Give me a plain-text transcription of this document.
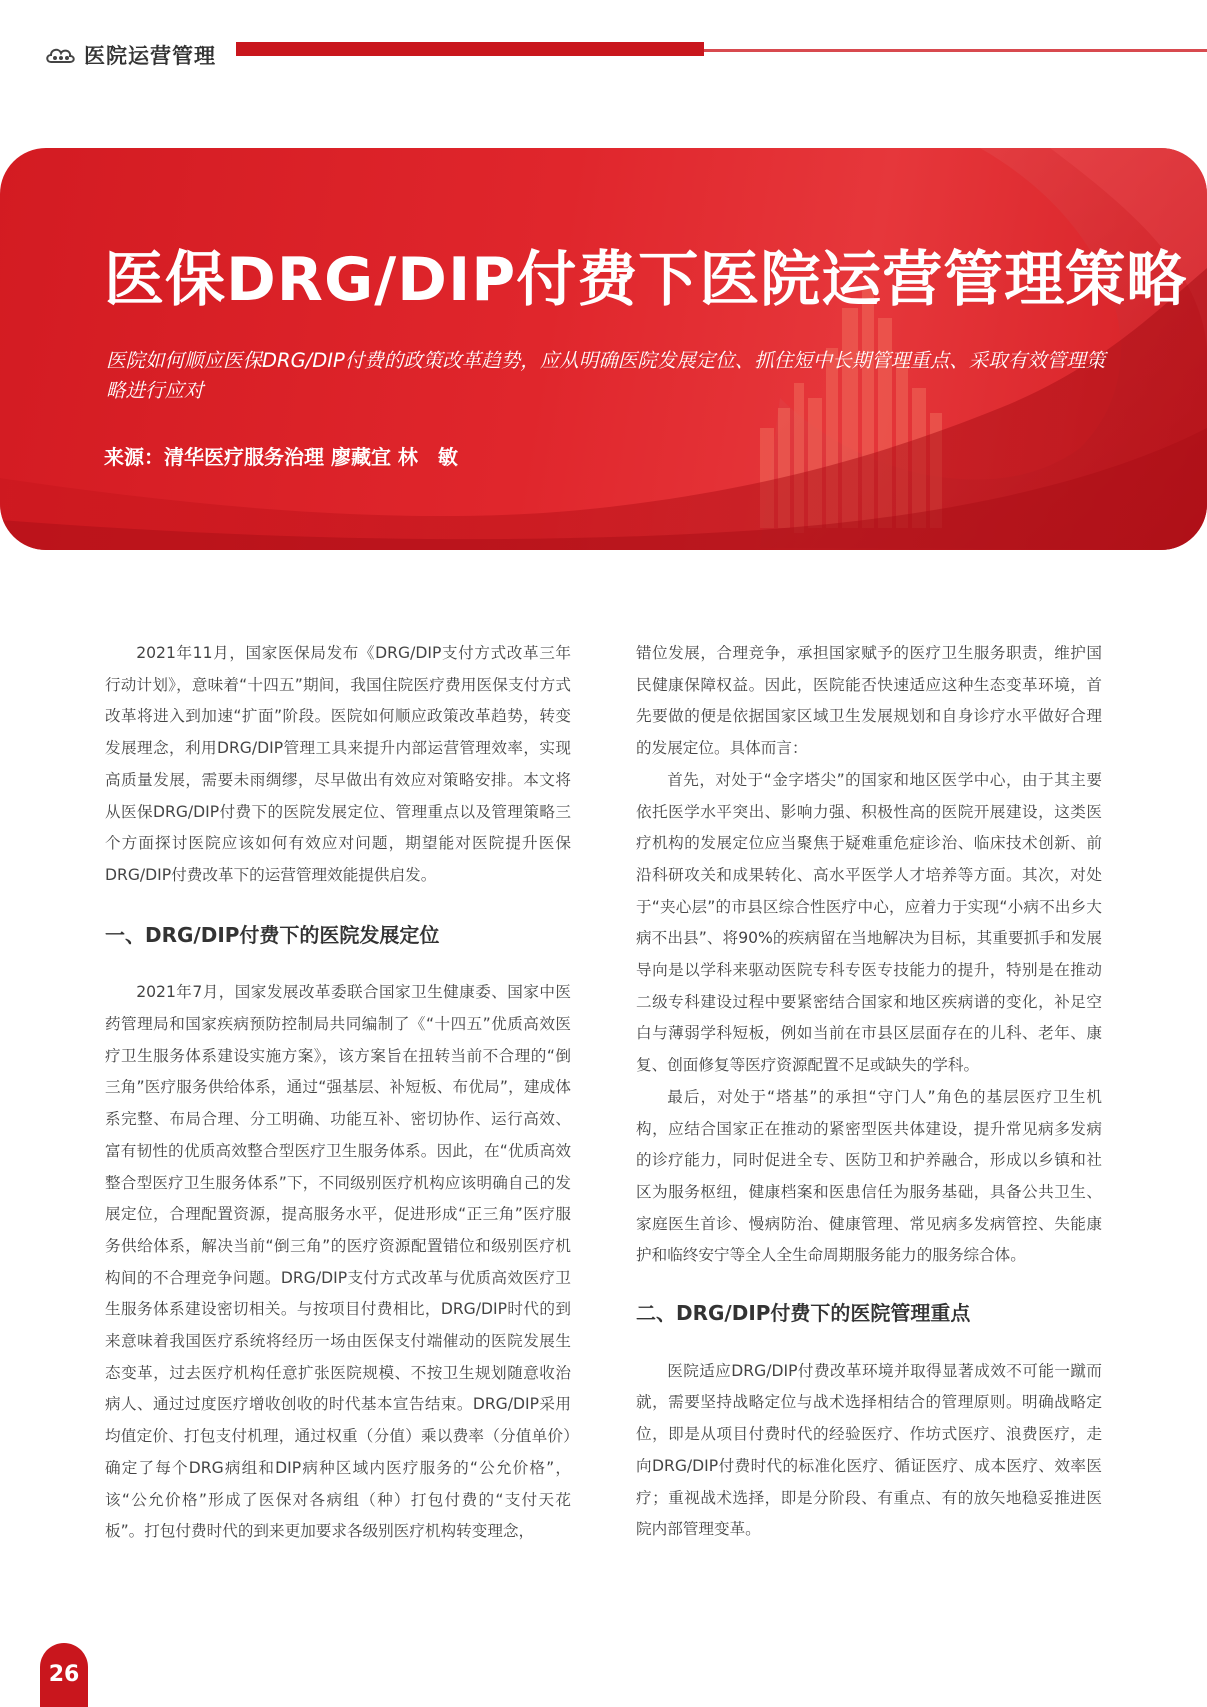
医院运营管理
医保DRG/DIP付费下医院运营管理策略
医院如何顺应医保DRG/DIP付费的政策改革趋势，应从明确医院发展定位、抓住短中长期管理重点、采取有效管理策略进行应对
来源：清华医疗服务治理 廖藏宜 林　敏

2021年11月，国家医保局发布《DRG/DIP支付方式改革三年行动计划》，意味着“十四五”期间，我国住院医疗费用医保支付方式改革将进入到加速“扩面”阶段。医院如何顺应政策改革趋势，转变发展理念，利用DRG/DIP管理工具来提升内部运营管理效率，实现高质量发展，需要未雨绸缪，尽早做出有效应对策略安排。本文将从医保DRG/DIP付费下的医院发展定位、管理重点以及管理策略三个方面探讨医院应该如何有效应对问题，期望能对医院提升医保DRG/DIP付费改革下的运营管理效能提供启发。

一、DRG/DIP付费下的医院发展定位

2021年7月，国家发展改革委联合国家卫生健康委、国家中医药管理局和国家疾病预防控制局共同编制了《“十四五”优质高效医疗卫生服务体系建设实施方案》，该方案旨在扭转当前不合理的“倒三角”医疗服务供给体系，通过“强基层、补短板、布优局”，建成体系完整、布局合理、分工明确、功能互补、密切协作、运行高效、富有韧性的优质高效整合型医疗卫生服务体系。因此，在“优质高效整合型医疗卫生服务体系”下，不同级别医疗机构应该明确自己的发展定位，合理配置资源，提高服务水平，促进形成“正三角”医疗服务供给体系，解决当前“倒三角”的医疗资源配置错位和级别医疗机构间的不合理竞争问题。DRG/DIP支付方式改革与优质高效医疗卫生服务体系建设密切相关。与按项目付费相比，DRG/DIP时代的到来意味着我国医疗系统将经历一场由医保支付端催动的医院发展生态变革，过去医疗机构任意扩张医院规模、不按卫生规划随意收治病人、通过过度医疗增收创收的时代基本宣告结束。DRG/DIP采用均值定价、打包支付机理，通过权重（分值）乘以费率（分值单价）确定了每个DRG病组和DIP病种区域内医疗服务的“公允价格”，该“公允价格”形成了医保对各病组（种）打包付费的“支付天花板”。打包付费时代的到来更加要求各级别医疗机构转变理念，

错位发展，合理竞争，承担国家赋予的医疗卫生服务职责，维护国民健康保障权益。因此，医院能否快速适应这种生态变革环境，首先要做的便是依据国家区域卫生发展规划和自身诊疗水平做好合理的发展定位。具体而言：

首先，对处于“金字塔尖”的国家和地区医学中心，由于其主要依托医学水平突出、影响力强、积极性高的医院开展建设，这类医疗机构的发展定位应当聚焦于疑难重危症诊治、临床技术创新、前沿科研攻关和成果转化、高水平医学人才培养等方面。其次，对处于“夹心层”的市县区综合性医疗中心，应着力于实现“小病不出乡大病不出县”、将90%的疾病留在当地解决为目标，其重要抓手和发展导向是以学科来驱动医院专科专医专技能力的提升，特别是在推动二级专科建设过程中要紧密结合国家和地区疾病谱的变化，补足空白与薄弱学科短板，例如当前在市县区层面存在的儿科、老年、康复、创面修复等医疗资源配置不足或缺失的学科。

最后，对处于“塔基”的承担“守门人”角色的基层医疗卫生机构，应结合国家正在推动的紧密型医共体建设，提升常见病多发病的诊疗能力，同时促进全专、医防卫和护养融合，形成以乡镇和社区为服务枢纽，健康档案和医患信任为服务基础，具备公共卫生、家庭医生首诊、慢病防治、健康管理、常见病多发病管控、失能康护和临终安宁等全人全生命周期服务能力的服务综合体。

二、DRG/DIP付费下的医院管理重点

医院适应DRG/DIP付费改革环境并取得显著成效不可能一蹴而就，需要坚持战略定位与战术选择相结合的管理原则。明确战略定位，即是从项目付费时代的经验医疗、作坊式医疗、浪费医疗，走向DRG/DIP付费时代的标准化医疗、循证医疗、成本医疗、效率医疗；重视战术选择，即是分阶段、有重点、有的放矢地稳妥推进医院内部管理变革。

26
